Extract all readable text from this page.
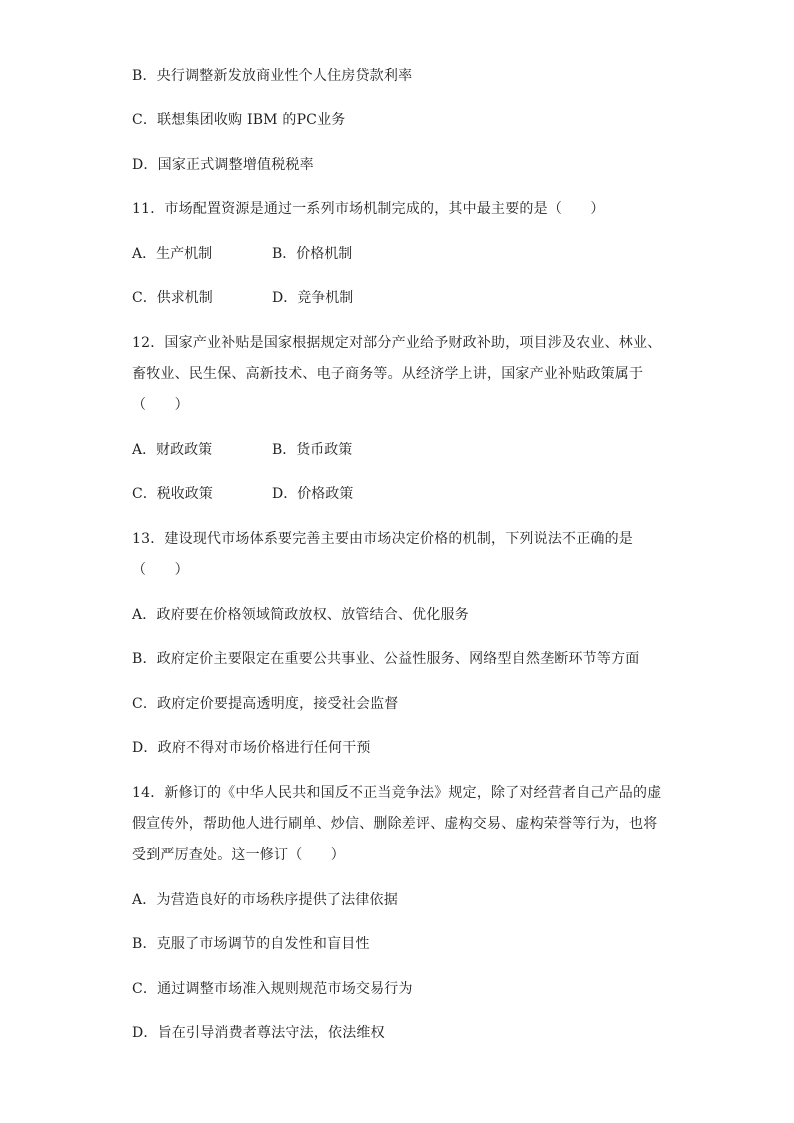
B．央行调整新发放商业性个人住房贷款利率
C．联想集团收购 IBM 的PC业务
D．国家正式调整增值税税率
11．市场配置资源是通过一系列市场机制完成的，其中最主要的是（　　）
A．生产机制	B．价格机制
C．供求机制	D．竞争机制
12．国家产业补贴是国家根据规定对部分产业给予财政补助，项目涉及农业、林业、
畜牧业、民生保、高新技术、电子商务等。从经济学上讲，国家产业补贴政策属于
（　　）
A．财政政策	B．货币政策
C．税收政策	D．价格政策
13．建设现代市场体系要完善主要由市场决定价格的机制，下列说法不正确的是
（　　）
A．政府要在价格领域简政放权、放管结合、优化服务
B．政府定价主要限定在重要公共事业、公益性服务、网络型自然垄断环节等方面
C．政府定价要提高透明度，接受社会监督
D．政府不得对市场价格进行任何干预
14．新修订的《中华人民共和国反不正当竞争法》规定，除了对经营者自己产品的虚
假宣传外，帮助他人进行刷单、炒信、删除差评、虚构交易、虚构荣誉等行为，也将
受到严厉查处。这一修订（　　）
A．为营造良好的市场秩序提供了法律依据
B．克服了市场调节的自发性和盲目性
C．通过调整市场准入规则规范市场交易行为
D．旨在引导消费者尊法守法，依法维权
